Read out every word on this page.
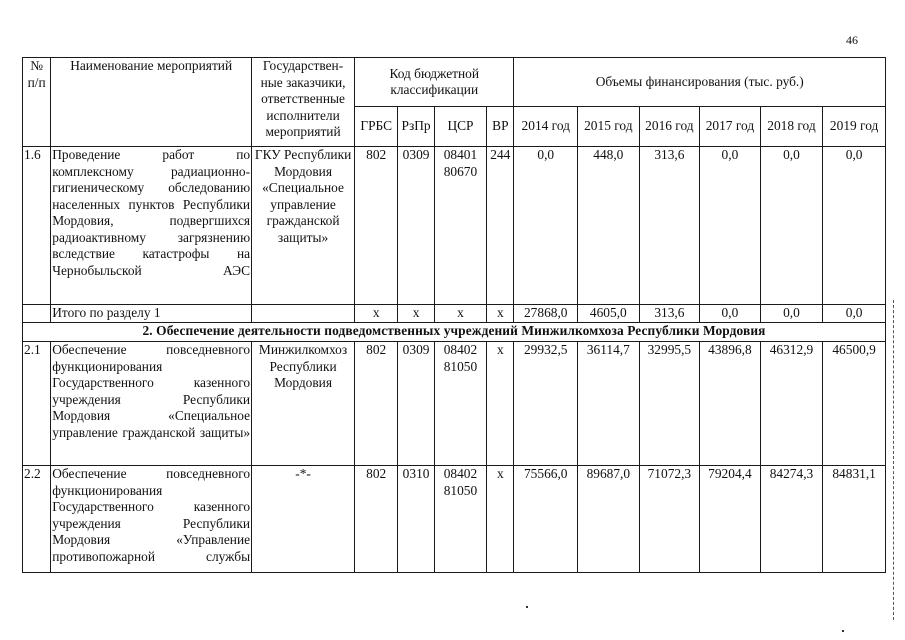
46
№ п/п	Наименование мероприятий	Государствен-ные заказчики, ответственные исполнители мероприятий	Код бюджетной классификации				Объемы финансирования (тыс. руб.)					
			ГРБС	РзПр	ЦСР	ВР	2014 год	2015 год	2016 год	2017 год	2018 год	2019 год
1.6	Проведение работ по комплексному радиационно-гигиеническому обследованию населенных пунктов Республики Мордовия, подвергшихся радиоактивному загрязнению вследствие катастрофы на Чернобыльской АЭС	ГКУ Республики Мордовия «Специальное управление гражданской защиты»	802	0309	08401 80670	244	0,0	448,0	313,6	0,0	0,0	0,0
	Итого по разделу 1		х	х	х	х	27868,0	4605,0	313,6	0,0	0,0	0,0
2. Обеспечение деятельности подведомственных учреждений Минжилкомхоза Республики Мордовия												
2.1	Обеспечение повседневного функционирования Государственного казенного учреждения Республики Мордовия «Специальное управление гражданской защиты»	Минжилкомхоз Республики Мордовия	802	0309	08402 81050	х	29932,5	36114,7	32995,5	43896,8	46312,9	46500,9
2.2	Обеспечение повседневного функционирования Государственного казенного учреждения Республики Мордовия «Управление противопожарной службы	-*-	802	0310	08402 81050	х	75566,0	89687,0	71072,3	79204,4	84274,3	84831,1
